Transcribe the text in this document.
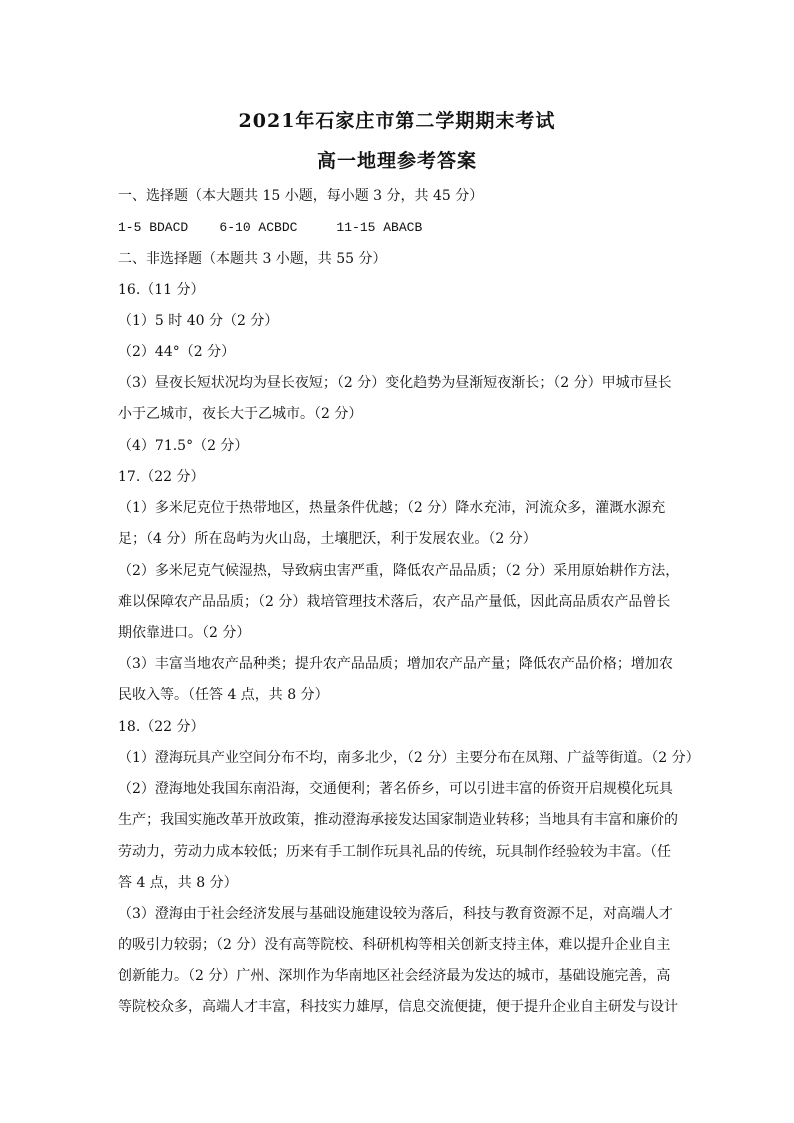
2021年石家庄市第二学期期末考试
高一地理参考答案
一、选择题（本大题共 15 小题，每小题 3 分，共 45 分）
1-5 BDACD    6-10 ACBDC     11-15 ABACB
二、非选择题（本题共 3 小题，共 55 分）
16.（11 分）
（1）5 时 40 分（2 分）
（2）44°（2 分）
（3）昼夜长短状况均为昼长夜短；（2 分）变化趋势为昼渐短夜渐长；（2 分）甲城市昼长
小于乙城市，夜长大于乙城市。（2 分）
（4）71.5°（2 分）
17.（22 分）
（1）多米尼克位于热带地区，热量条件优越；（2 分）降水充沛，河流众多，灌溉水源充
足；（4 分）所在岛屿为火山岛，土壤肥沃，利于发展农业。（2 分）
（2）多米尼克气候湿热，导致病虫害严重，降低农产品品质；（2 分）采用原始耕作方法，
难以保障农产品品质；（2 分）栽培管理技术落后，农产品产量低，因此高品质农产品曾长
期依靠进口。（2 分）
（3）丰富当地农产品种类；提升农产品品质；增加农产品产量；降低农产品价格；增加农
民收入等。（任答 4 点，共 8 分）
18.（22 分）
（1）澄海玩具产业空间分布不均，南多北少，（2 分）主要分布在凤翔、广益等街道。（2 分）
（2）澄海地处我国东南沿海，交通便利；著名侨乡，可以引进丰富的侨资开启规模化玩具
生产；我国实施改革开放政策，推动澄海承接发达国家制造业转移；当地具有丰富和廉价的
劳动力，劳动力成本较低；历来有手工制作玩具礼品的传统，玩具制作经验较为丰富。（任
答 4 点，共 8 分）
（3）澄海由于社会经济发展与基础设施建设较为落后，科技与教育资源不足，对高端人才
的吸引力较弱；（2 分）没有高等院校、科研机构等相关创新支持主体，难以提升企业自主
创新能力。（2 分）广州、深圳作为华南地区社会经济最为发达的城市，基础设施完善，高
等院校众多，高端人才丰富，科技实力雄厚，信息交流便捷，便于提升企业自主研发与设计
